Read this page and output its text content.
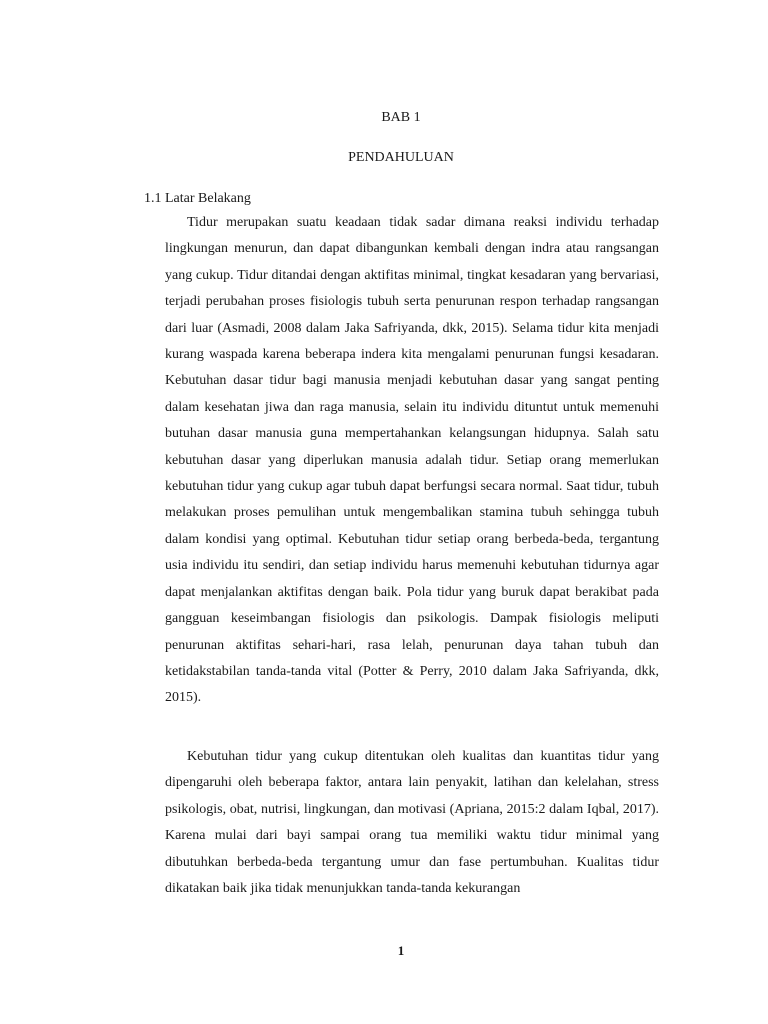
BAB 1
PENDAHULUAN
1.1 Latar Belakang

Tidur merupakan suatu keadaan tidak sadar dimana reaksi individu terhadap lingkungan menurun, dan dapat dibangunkan kembali dengan indra atau rangsangan yang cukup. Tidur ditandai dengan aktifitas minimal, tingkat kesadaran yang bervariasi, terjadi perubahan proses fisiologis tubuh serta penurunan respon terhadap rangsangan dari luar (Asmadi, 2008 dalam Jaka Safriyanda, dkk, 2015). Selama tidur kita menjadi kurang waspada karena beberapa indera kita mengalami penurunan fungsi kesadaran. Kebutuhan dasar tidur bagi manusia menjadi kebutuhan dasar yang sangat penting dalam kesehatan jiwa dan raga manusia, selain itu individu dituntut untuk memenuhi butuhan dasar manusia guna mempertahankan kelangsungan hidupnya. Salah satu kebutuhan dasar yang diperlukan manusia adalah tidur. Setiap orang memerlukan kebutuhan tidur yang cukup agar tubuh dapat berfungsi secara normal. Saat tidur, tubuh melakukan proses pemulihan untuk mengembalikan stamina tubuh sehingga tubuh dalam kondisi yang optimal. Kebutuhan tidur setiap orang berbeda-beda, tergantung usia individu itu sendiri, dan setiap individu harus memenuhi kebutuhan tidurnya agar dapat menjalankan aktifitas dengan baik. Pola tidur yang buruk dapat berakibat pada gangguan keseimbangan fisiologis dan psikologis. Dampak fisiologis meliputi penurunan aktifitas sehari-hari, rasa lelah, penurunan daya tahan tubuh dan ketidakstabilan tanda-tanda vital (Potter & Perry, 2010 dalam Jaka Safriyanda, dkk, 2015).

Kebutuhan tidur yang cukup ditentukan oleh kualitas dan kuantitas tidur yang dipengaruhi oleh beberapa faktor, antara lain penyakit, latihan dan kelelahan, stress psikologis, obat, nutrisi, lingkungan, dan motivasi (Apriana, 2015:2 dalam Iqbal, 2017). Karena mulai dari bayi sampai orang tua memiliki waktu tidur minimal yang dibutuhkan berbeda-beda tergantung umur dan fase pertumbuhan. Kualitas tidur dikatakan baik jika tidak menunjukkan tanda-tanda kekurangan

1
